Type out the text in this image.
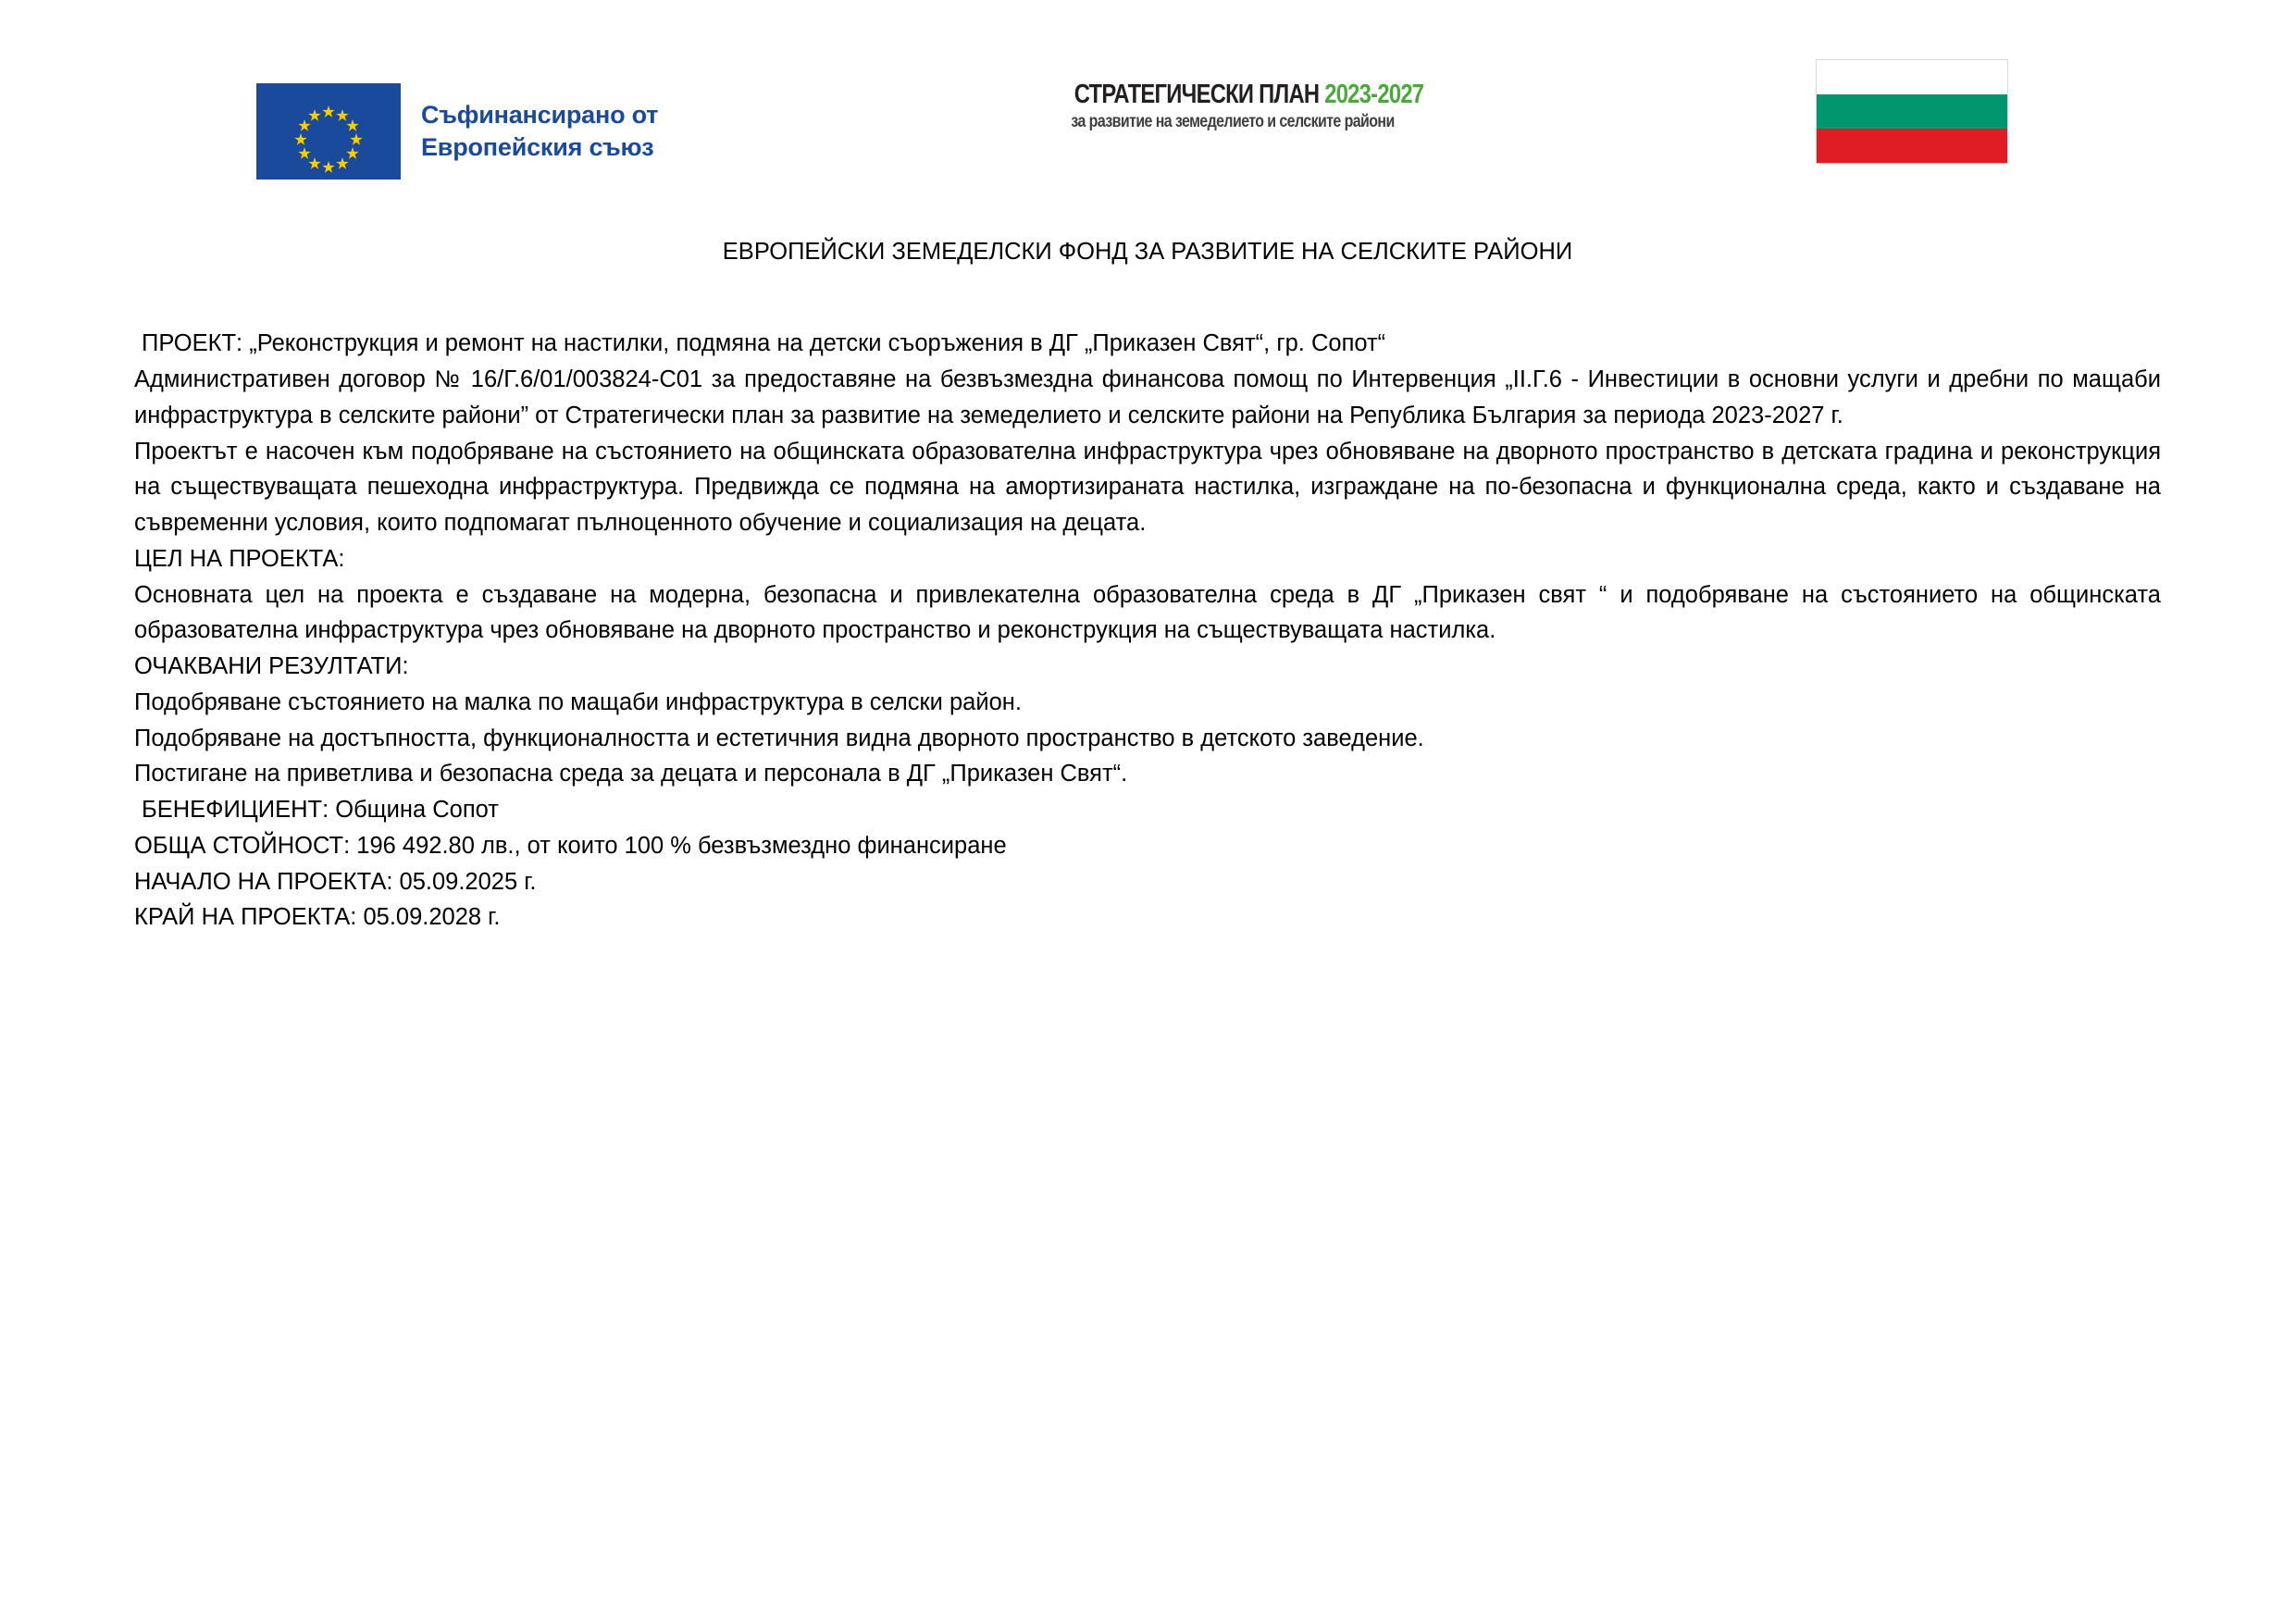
Съфинансирано от
Европейския съюз
СТРАТЕГИЧЕСКИ ПЛАН 2023-2027
за развитие на земеделието и селските райони
ЕВРОПЕЙСКИ ЗЕМЕДЕЛСКИ ФОНД ЗА РАЗВИТИЕ НА СЕЛСКИТЕ РАЙОНИ

ПРОЕКТ: „Реконструкция и ремонт на настилки, подмяна на детски съоръжения в ДГ „Приказен Свят“, гр. Сопот“

Административен договор № 16/Г.6/01/003824-С01 за предоставяне на безвъзмездна финансова помощ по Интервенция „II.Г.6 - Инвестиции в основни услуги и дребни по мащаби инфраструктура в селските райони” от Стратегически план за развитие на земеделието и селските райони на Република България за периода 2023-2027 г.

Проектът е насочен към подобряване на състоянието на общинската образователна инфраструктура чрез обновяване на дворното пространство в детската градина и реконструкция на съществуващата пешеходна инфраструктура. Предвижда се подмяна на амортизираната настилка, изграждане на по-безопасна и функционална среда, както и създаване на съвременни условия, които подпомагат пълноценното обучение и социализация на децата.

ЦЕЛ НА ПРОЕКТА:

Основната цел на проекта е създаване на модерна, безопасна и привлекателна образователна среда в ДГ „Приказен свят “ и подобряване на състоянието на общинската образователна инфраструктура чрез обновяване на дворното пространство и реконструкция на съществуващата настилка.

ОЧАКВАНИ РЕЗУЛТАТИ:

Подобряване състоянието на малка по мащаби инфраструктура в селски район.

Подобряване на достъпността, функционалността и естетичния видна дворното пространство в детското заведение.

Постигане на приветлива и безопасна среда за децата и персонала в ДГ „Приказен Свят“.

БЕНЕФИЦИЕНТ: Община Сопот

ОБЩА СТОЙНОСТ: 196 492.80 лв., от които 100 % безвъзмездно финансиране

НАЧАЛО НА ПРОЕКТА: 05.09.2025 г.

КРАЙ НА ПРОЕКТА: 05.09.2028 г.
